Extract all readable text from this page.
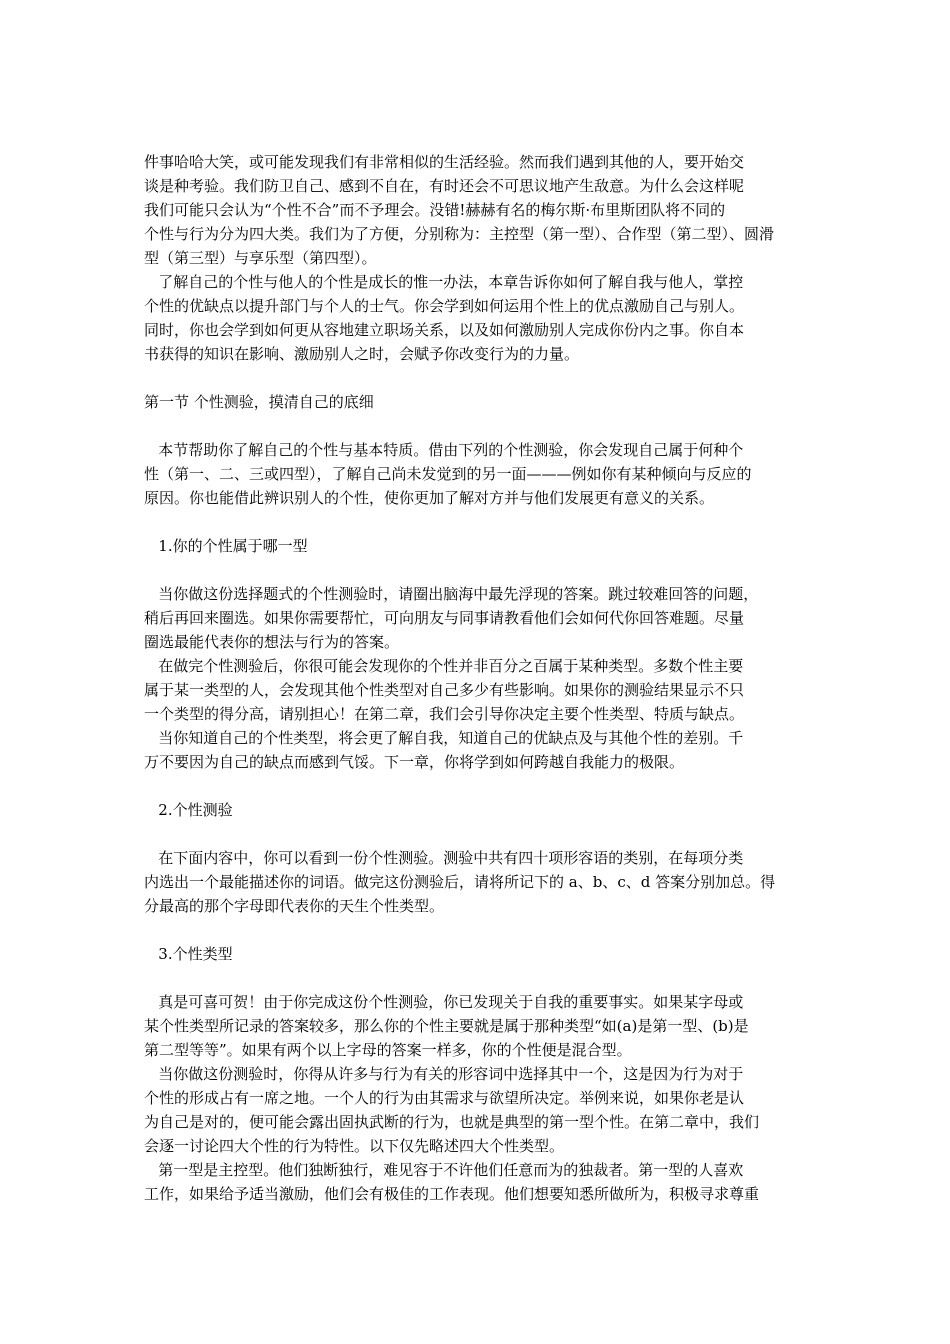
件事哈哈大笑，或可能发现我们有非常相似的生活经验。然而我们遇到其他的人，要开始交
谈是种考验。我们防卫自己、感到不自在，有时还会不可思议地产生敌意。为什么会这样呢
我们可能只会认为“个性不合”而不予理会。没错!赫赫有名的梅尔斯·布里斯团队将不同的
个性与行为分为四大类。我们为了方便，分别称为：主控型（第一型）、合作型（第二型）、圆滑
型（第三型）与享乐型（第四型）。
了解自己的个性与他人的个性是成长的惟一办法，本章告诉你如何了解自我与他人，掌控
个性的优缺点以提升部门与个人的士气。你会学到如何运用个性上的优点激励自己与别人。
同时，你也会学到如何更从容地建立职场关系，以及如何激励别人完成你份内之事。你自本
书获得的知识在影响、激励别人之时，会赋予你改变行为的力量。
第一节 个性测验，摸清自己的底细
本节帮助你了解自己的个性与基本特质。借由下列的个性测验，你会发现自己属于何种个
性（第一、二、三或四型），了解自己尚未发觉到的另一面———例如你有某种倾向与反应的
原因。你也能借此辨识别人的个性，使你更加了解对方并与他们发展更有意义的关系。
1.你的个性属于哪一型
当你做这份选择题式的个性测验时，请圈出脑海中最先浮现的答案。跳过较难回答的问题，
稍后再回来圈选。如果你需要帮忙，可向朋友与同事请教看他们会如何代你回答难题。尽量
圈选最能代表你的想法与行为的答案。
在做完个性测验后，你很可能会发现你的个性并非百分之百属于某种类型。多数个性主要
属于某一类型的人，会发现其他个性类型对自己多少有些影响。如果你的测验结果显示不只
一个类型的得分高，请别担心！在第二章，我们会引导你决定主要个性类型、特质与缺点。
当你知道自己的个性类型，将会更了解自我，知道自己的优缺点及与其他个性的差别。千
万不要因为自己的缺点而感到气馁。下一章，你将学到如何跨越自我能力的极限。
2.个性测验
在下面内容中，你可以看到一份个性测验。测验中共有四十项形容语的类别，在每项分类
内选出一个最能描述你的词语。做完这份测验后，请将所记下的 a、b、c、d 答案分别加总。得
分最高的那个字母即代表你的天生个性类型。
3.个性类型
真是可喜可贺！由于你完成这份个性测验，你已发现关于自我的重要事实。如果某字母或
某个性类型所记录的答案较多，那么你的个性主要就是属于那种类型“如(a)是第一型、(b)是
第二型等等”。如果有两个以上字母的答案一样多，你的个性便是混合型。
当你做这份测验时，你得从许多与行为有关的形容词中选择其中一个，这是因为行为对于
个性的形成占有一席之地。一个人的行为由其需求与欲望所决定。举例来说，如果你老是认
为自己是对的，便可能会露出固执武断的行为，也就是典型的第一型个性。在第二章中，我们
会逐一讨论四大个性的行为特性。以下仅先略述四大个性类型。
第一型是主控型。他们独断独行，难见容于不许他们任意而为的独裁者。第一型的人喜欢
工作，如果给予适当激励，他们会有极佳的工作表现。他们想要知悉所做所为，积极寻求尊重
